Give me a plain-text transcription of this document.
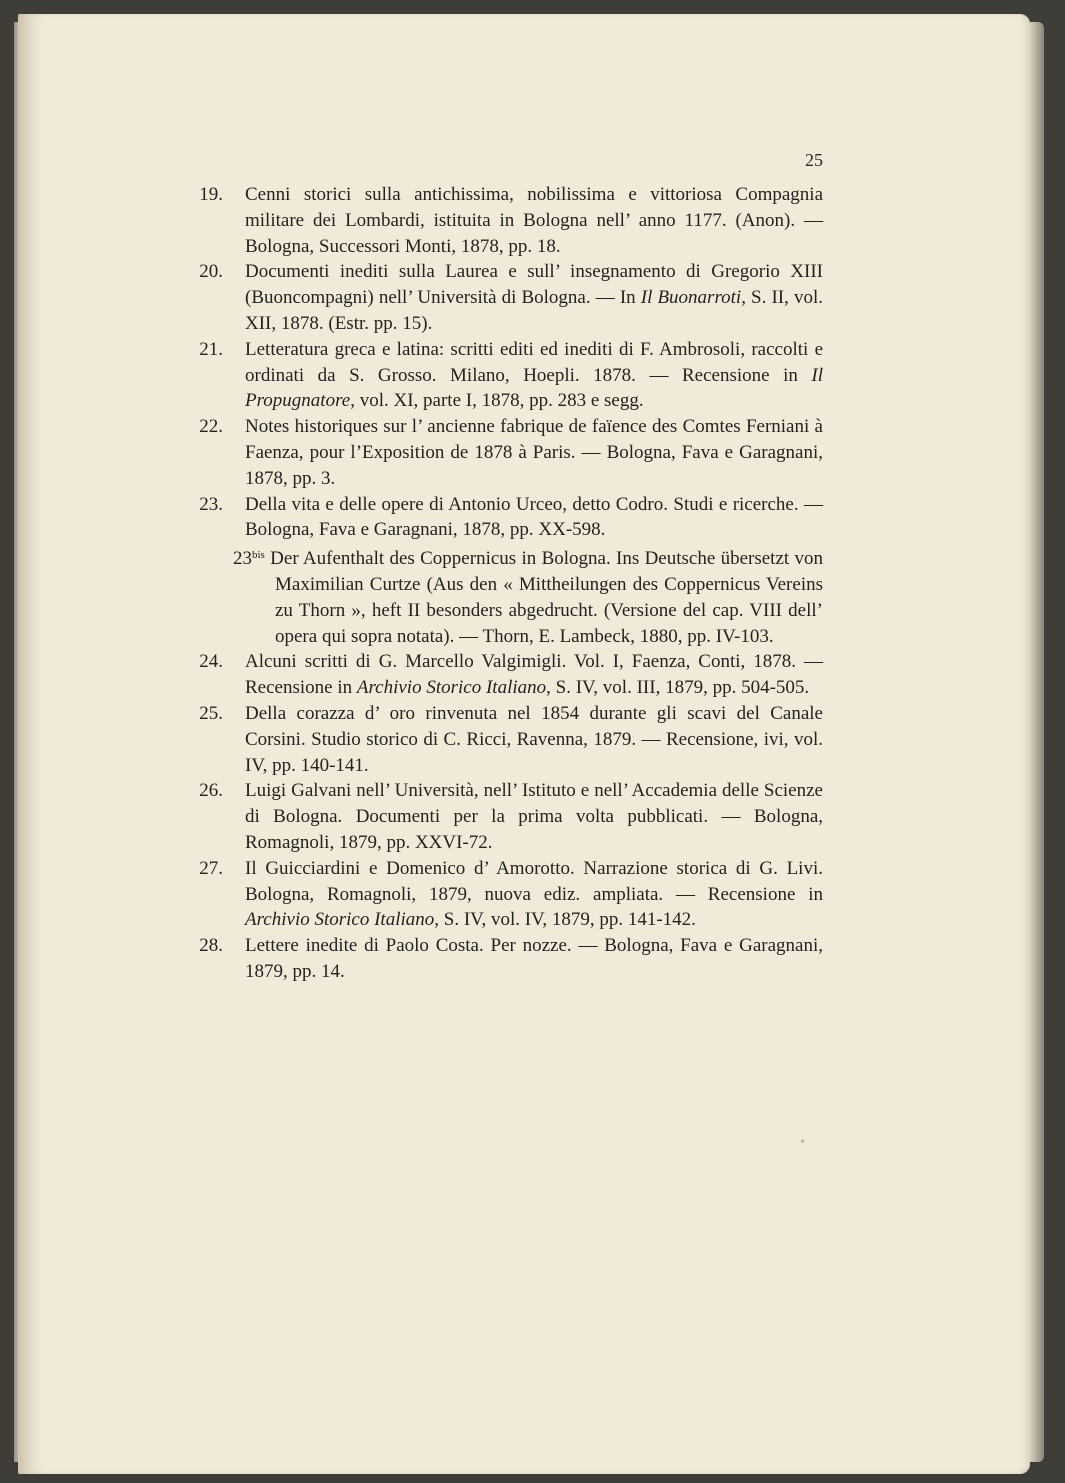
25
19. Cenni storici sulla antichissima, nobilissima e vittoriosa Compagnia militare dei Lombardi, istituita in Bologna nell’ anno 1177. (Anon). — Bologna, Successori Monti, 1878, pp. 18.
20. Documenti inediti sulla Laurea e sull’ insegnamento di Gregorio XIII (Buoncompagni) nell’ Università di Bologna. — In Il Buonarroti, S. II, vol. XII, 1878. (Estr. pp. 15).
21. Letteratura greca e latina: scritti editi ed inediti di F. Ambrosoli, raccolti e ordinati da S. Grosso. Milano, Hoepli. 1878. — Recensione in Il Propugnatore, vol. XI, parte I, 1878, pp. 283 e segg.
22. Notes historiques sur l’ ancienne fabrique de faïence des Comtes Ferniani à Faenza, pour l’Exposition de 1878 à Paris. — Bologna, Fava e Garagnani, 1878, pp. 3.
23. Della vita e delle opere di Antonio Urceo, detto Codro. Studi e ricerche. — Bologna, Fava e Garagnani, 1878, pp. XX-598.
$23^{bis}$ Der Aufenthalt des Coppernicus in Bologna. Ins Deutsche übersetzt von Maximilian Curtze (Aus den « Mittheilungen des Coppernicus Vereins zu Thorn », heft II besonders abgedrucht. (Versione del cap. VIII dell’ opera qui sopra notata). — Thorn, E. Lambeck, 1880, pp. IV-103.
24. Alcuni scritti di G. Marcello Valgimigli. Vol. I, Faenza, Conti, 1878. — Recensione in Archivio Storico Italiano, S. IV, vol. III, 1879, pp. 504-505.
25. Della corazza d’ oro rinvenuta nel 1854 durante gli scavi del Canale Corsini. Studio storico di C. Ricci, Ravenna, 1879. — Recensione, ivi, vol. IV, pp. 140-141.
26. Luigi Galvani nell’ Università, nell’ Istituto e nell’ Accademia delle Scienze di Bologna. Documenti per la prima volta pubblicati. — Bologna, Romagnoli, 1879, pp. XXVI-72.
27. Il Guicciardini e Domenico d’ Amorotto. Narrazione storica di G. Livi. Bologna, Romagnoli, 1879, nuova ediz. ampliata. — Recensione in Archivio Storico Italiano, S. IV, vol. IV, 1879, pp. 141-142.
28. Lettere inedite di Paolo Costa. Per nozze. — Bologna, Fava e Garagnani, 1879, pp. 14.
•
